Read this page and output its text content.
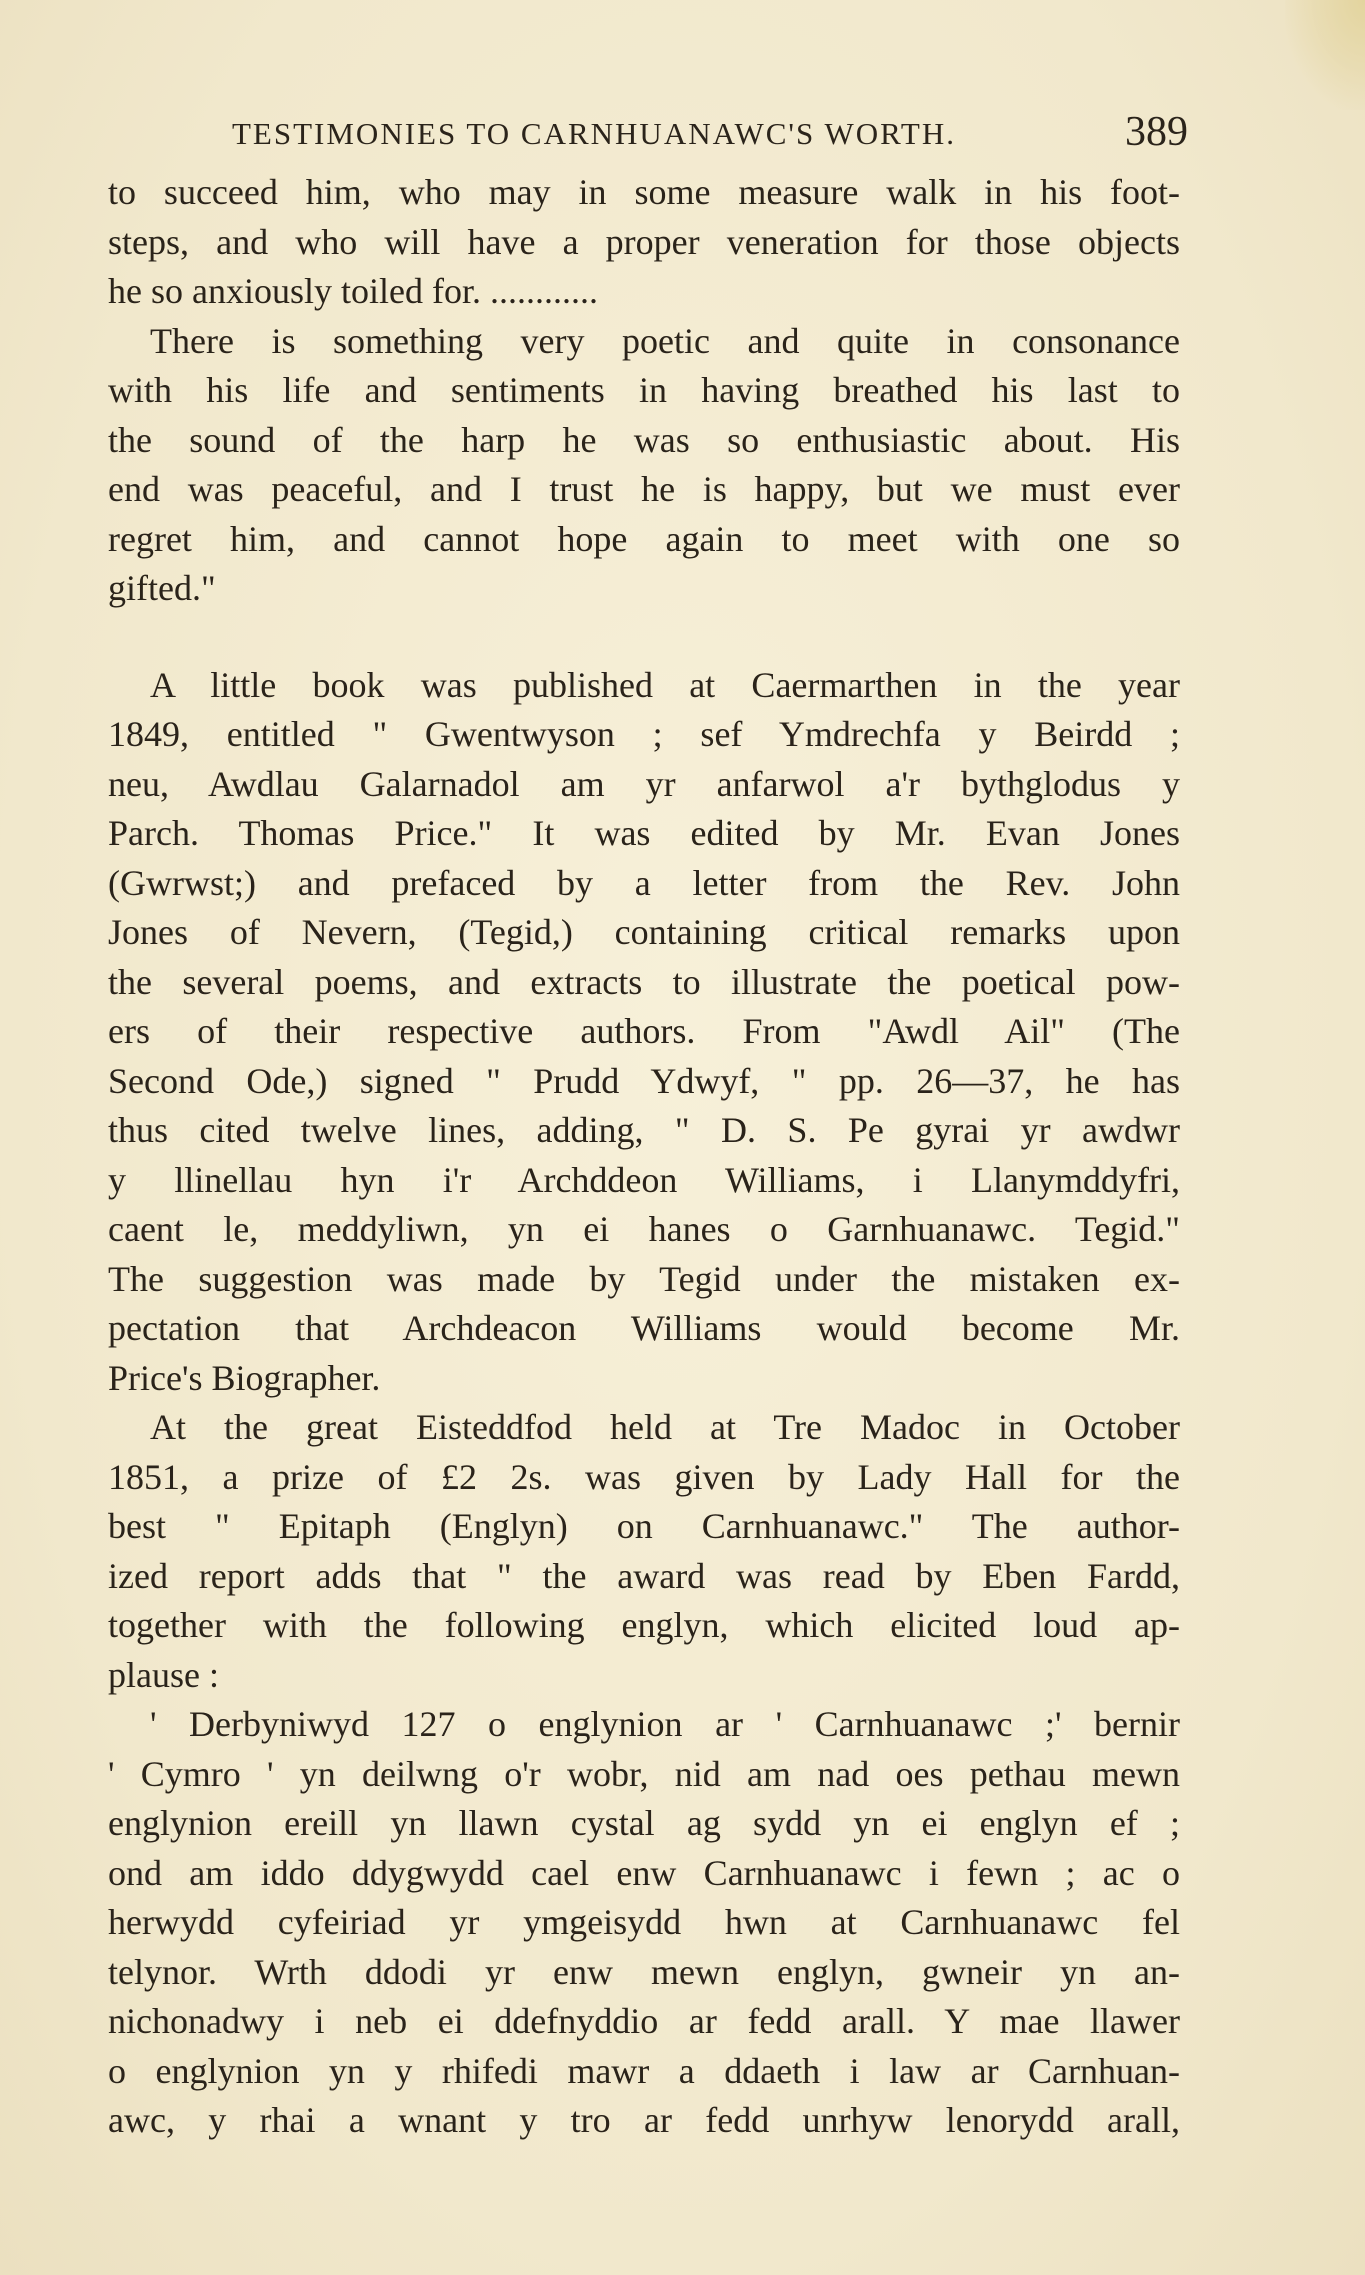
TESTIMONIES TO CARNHUANAWC'S WORTH.	389
to succeed him, who may in some measure walk in his foot-
steps, and who will have a proper veneration for those objects
he so anxiously toiled for. ............
There is something very poetic and quite in consonance
with his life and sentiments in having breathed his last to
the sound of the harp he was so enthusiastic about. His
end was peaceful, and I trust he is happy, but we must ever
regret him, and cannot hope again to meet with one so
gifted."
A little book was published at Caermarthen in the year
1849, entitled " Gwentwyson ; sef Ymdrechfa y Beirdd ;
neu, Awdlau Galarnadol am yr anfarwol a'r bythglodus y
Parch. Thomas Price." It was edited by Mr. Evan Jones
(Gwrwst;) and prefaced by a letter from the Rev. John
Jones of Nevern, (Tegid,) containing critical remarks upon
the several poems, and extracts to illustrate the poetical pow-
ers of their respective authors. From "Awdl Ail" (The
Second Ode,) signed " Prudd Ydwyf, " pp. 26—37, he has
thus cited twelve lines, adding, " D. S. Pe gyrai yr awdwr
y llinellau hyn i'r Archddeon Williams, i Llanymddyfri,
caent le, meddyliwn, yn ei hanes o Garnhuanawc. Tegid."
The suggestion was made by Tegid under the mistaken ex-
pectation that Archdeacon Williams would become Mr.
Price's Biographer.
At the great Eisteddfod held at Tre Madoc in October
1851, a prize of £2 2s. was given by Lady Hall for the
best " Epitaph (Englyn) on Carnhuanawc." The author-
ized report adds that " the award was read by Eben Fardd,
together with the following englyn, which elicited loud ap-
plause :
' Derbyniwyd 127 o englynion ar ' Carnhuanawc ;' bernir
' Cymro ' yn deilwng o'r wobr, nid am nad oes pethau mewn
englynion ereill yn llawn cystal ag sydd yn ei englyn ef ;
ond am iddo ddygwydd cael enw Carnhuanawc i fewn ; ac o
herwydd cyfeiriad yr ymgeisydd hwn at Carnhuanawc fel
telynor. Wrth ddodi yr enw mewn englyn, gwneir yn an-
nichonadwy i neb ei ddefnyddio ar fedd arall. Y mae llawer
o englynion yn y rhifedi mawr a ddaeth i law ar Carnhuan-
awc, y rhai a wnant y tro ar fedd unrhyw lenorydd arall,
